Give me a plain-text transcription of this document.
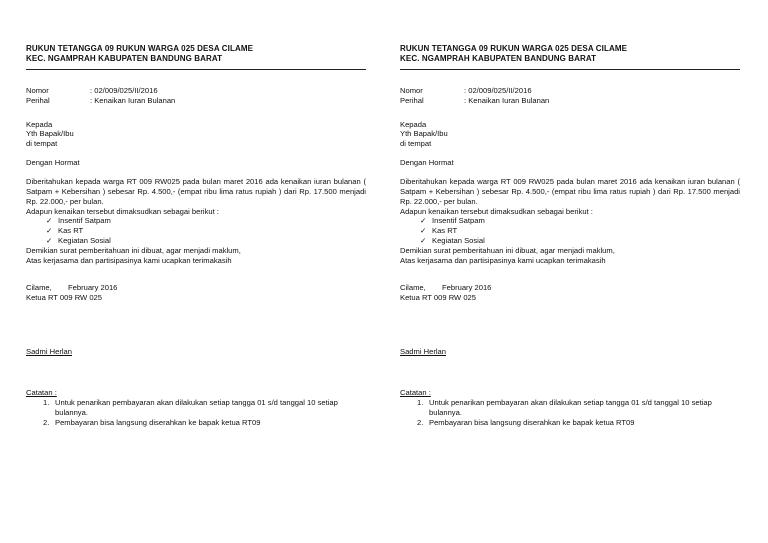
RUKUN TETANGGA 09 RUKUN WARGA 025 DESA CILAME
KEC. NGAMPRAH KABUPATEN BANDUNG BARAT
Nomor	: 02/009/025/II/2016
Perihal	: Kenaikan Iuran Bulanan
Kepada
Yth Bapak/Ibu
di tempat
Dengan Hormat
Diberitahukan kepada warga RT 009 RW025 pada bulan maret 2016 ada kenaikan iuran bulanan ( Satpam + Kebersihan ) sebesar Rp. 4.500,- (empat ribu lima ratus rupiah ) dari Rp. 17.500 menjadi Rp. 22.000,- per bulan.
Adapun kenaikan tersebut dimaksudkan sebagai berikut :
✓ Insentif Satpam
✓ Kas RT
✓ Kegiatan Sosial
Demikian surat pemberitahuan ini dibuat, agar menjadi maklum,
Atas kerjasama dan partisipasinya kami ucapkan terimakasih
Cilame, February 2016
Ketua RT 009 RW 025
Sadmi Herlan
Catatan :
1. Untuk penarikan pembayaran akan dilakukan setiap tangga 01 s/d tanggal 10 setiap bulannya.
2. Pembayaran bisa langsung diserahkan ke bapak ketua RT09
RUKUN TETANGGA 09 RUKUN WARGA 025 DESA CILAME
KEC. NGAMPRAH KABUPATEN BANDUNG BARAT
Nomor	: 02/009/025/II/2016
Perihal	: Kenaikan Iuran Bulanan
Kepada
Yth Bapak/Ibu
di tempat
Dengan Hormat
Diberitahukan kepada warga RT 009 RW025 pada bulan maret 2016 ada kenaikan iuran bulanan ( Satpam + Kebersihan ) sebesar Rp. 4.500,- (empat ribu lima ratus rupiah ) dari Rp. 17.500 menjadi Rp. 22.000,- per bulan.
Adapun kenaikan tersebut dimaksudkan sebagai berikut :
✓ Insentif Satpam
✓ Kas RT
✓ Kegiatan Sosial
Demikian surat pemberitahuan ini dibuat, agar menjadi maklum,
Atas kerjasama dan partisipasinya kami ucapkan terimakasih
Cilame, February 2016
Ketua RT 009 RW 025
Sadmi Herlan
Catatan :
1. Untuk penarikan pembayaran akan dilakukan setiap tangga 01 s/d tanggal 10 setiap bulannya.
2. Pembayaran bisa langsung diserahkan ke bapak ketua RT09
